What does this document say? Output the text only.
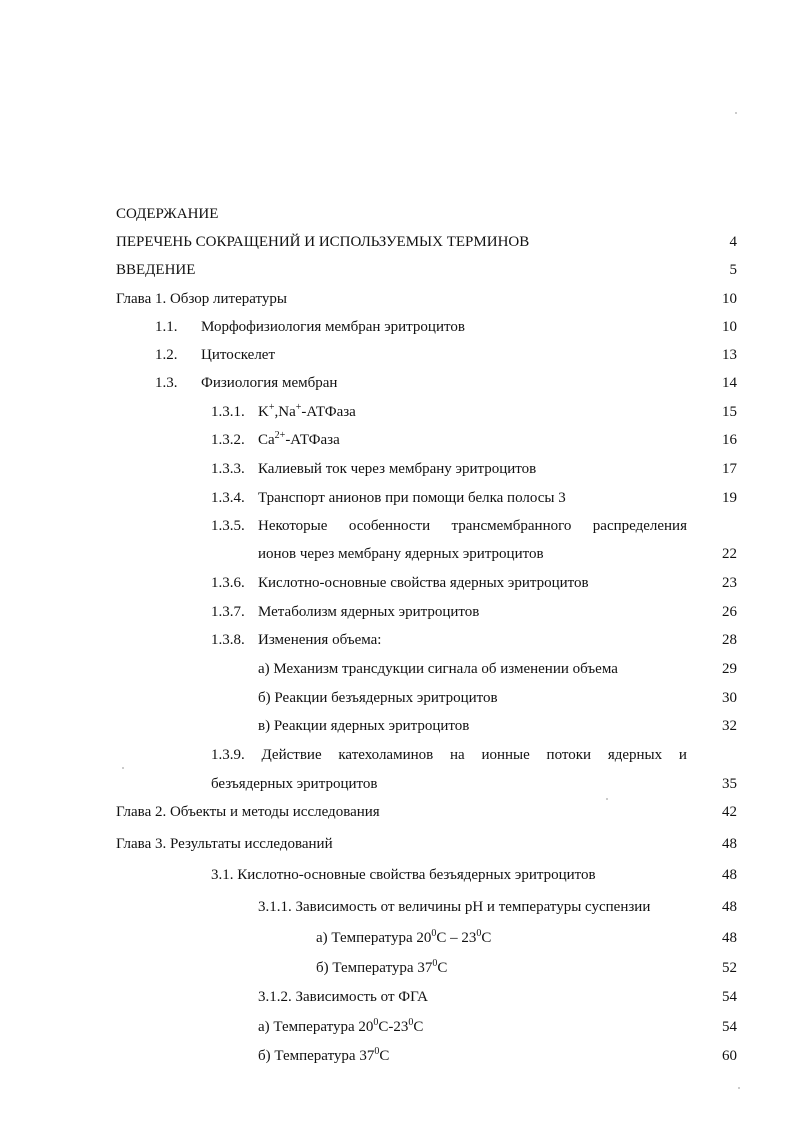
СОДЕРЖАНИЕ
ПЕРЕЧЕНЬ СОКРАЩЕНИЙ И ИСПОЛЬЗУЕМЫХ ТЕРМИНОВ	4
ВВЕДЕНИЕ	5
Глава 1. Обзор литературы	10
1.1. Морфофизиология мембран эритроцитов	10
1.2. Цитоскелет	13
1.3. Физиология мембран	14
1.3.1. K+,Na+-АТФаза	15
1.3.2. $Ca^{2+}$-АТФаза	16
1.3.3. Калиевый ток через мембрану эритроцитов	17
1.3.4. Транспорт анионов при помощи белка полосы 3	19
1.3.5. Некоторые особенности трансмембранного распределения
ионов через мембрану ядерных эритроцитов	22
1.3.6. Кислотно-основные свойства ядерных эритроцитов	23
1.3.7. Метаболизм ядерных эритроцитов	26
1.3.8. Изменения объема:	28
а) Механизм трансдукции сигнала об изменении объема	29
б) Реакции безъядерных эритроцитов	30
в) Реакции ядерных эритроцитов	32
1.3.9. Действие катехоламинов на ионные потоки ядерных и
безъядерных эритроцитов	35
Глава 2. Объекты и методы исследования	42
Глава 3. Результаты исследований	48
3.1. Кислотно-основные свойства безъядерных эритроцитов	48
3.1.1. Зависимость от величины pH и температуры суспензии	48
а) Температура $20^0С - 23^0С$	48
б) Температура $37^0С$	52
3.1.2. Зависимость от ФГА	54
а) Температура $20^0С-23^0С$	54
б) Температура $37^0С$	60
